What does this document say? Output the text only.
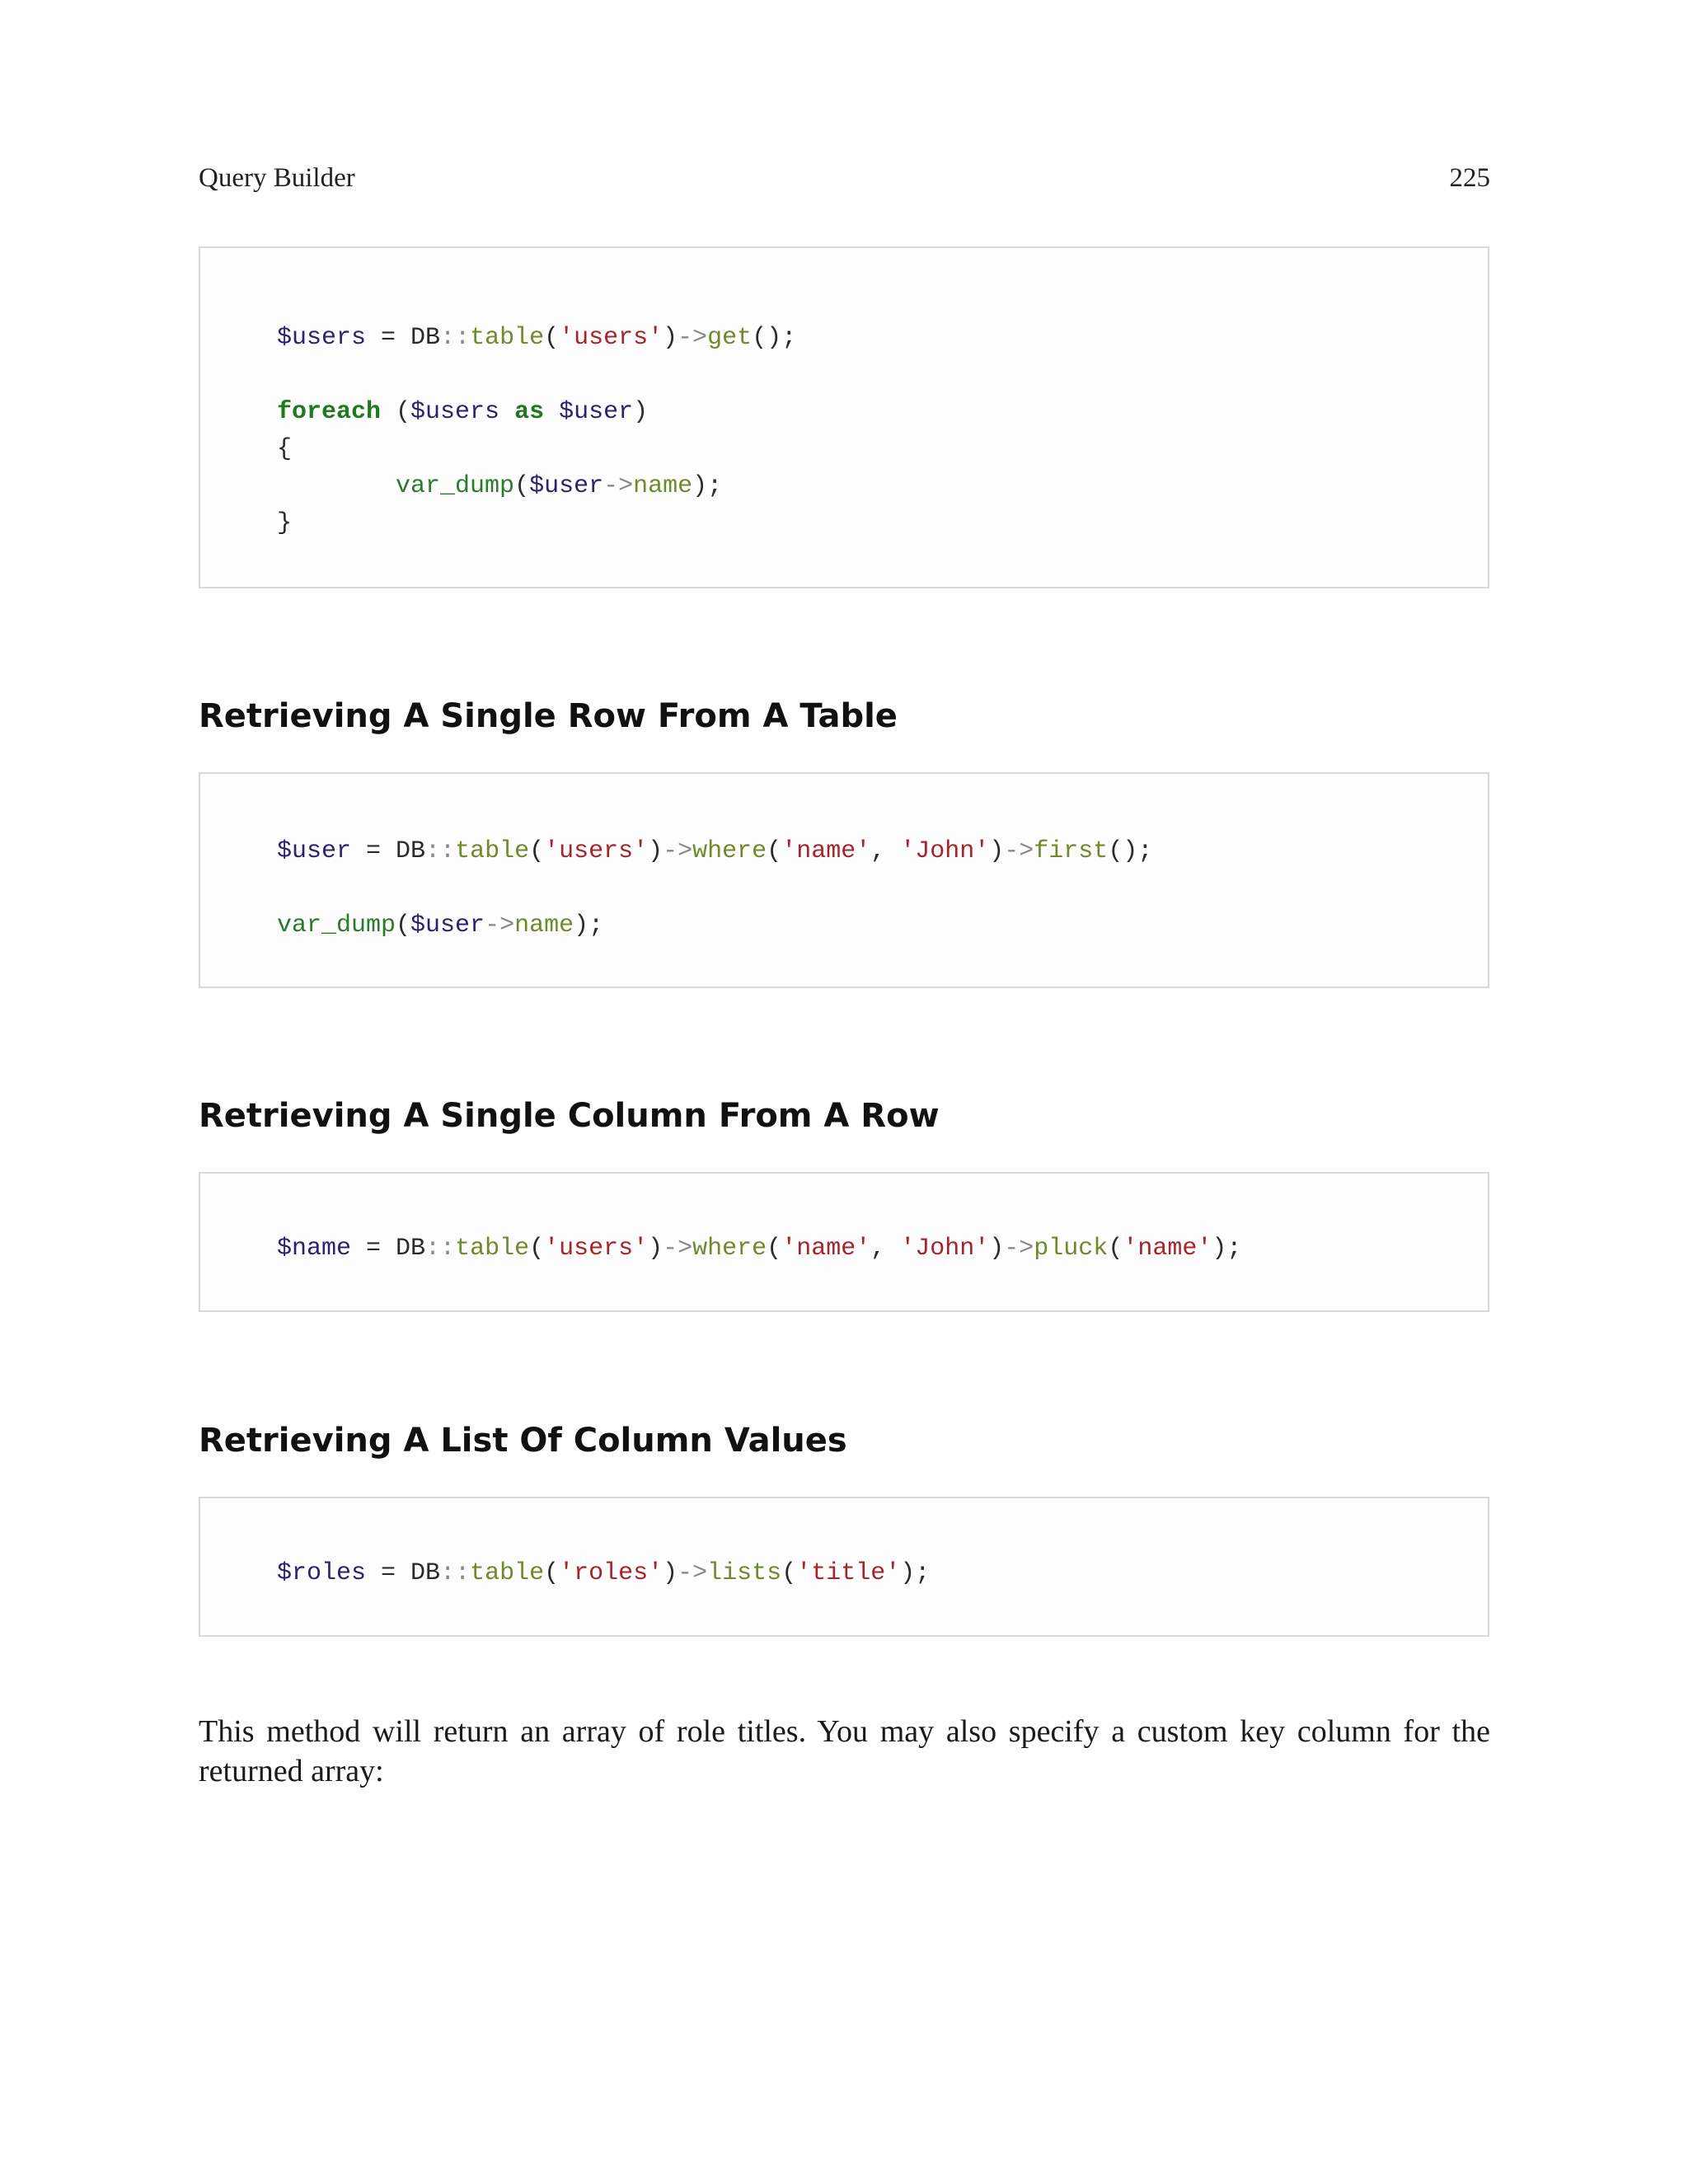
Query Builder	225
$users = DB::table('users')->get();
foreach ($users as $user)
{
var_dump($user->name);
}
Retrieving A Single Row From A Table
$user = DB::table('users')->where('name', 'John')->first();
var_dump($user->name);
Retrieving A Single Column From A Row
$name = DB::table('users')->where('name', 'John')->pluck('name');
Retrieving A List Of Column Values
$roles = DB::table('roles')->lists('title');

This method will return an array of role titles. You may also specify a custom key column for the returned array:
